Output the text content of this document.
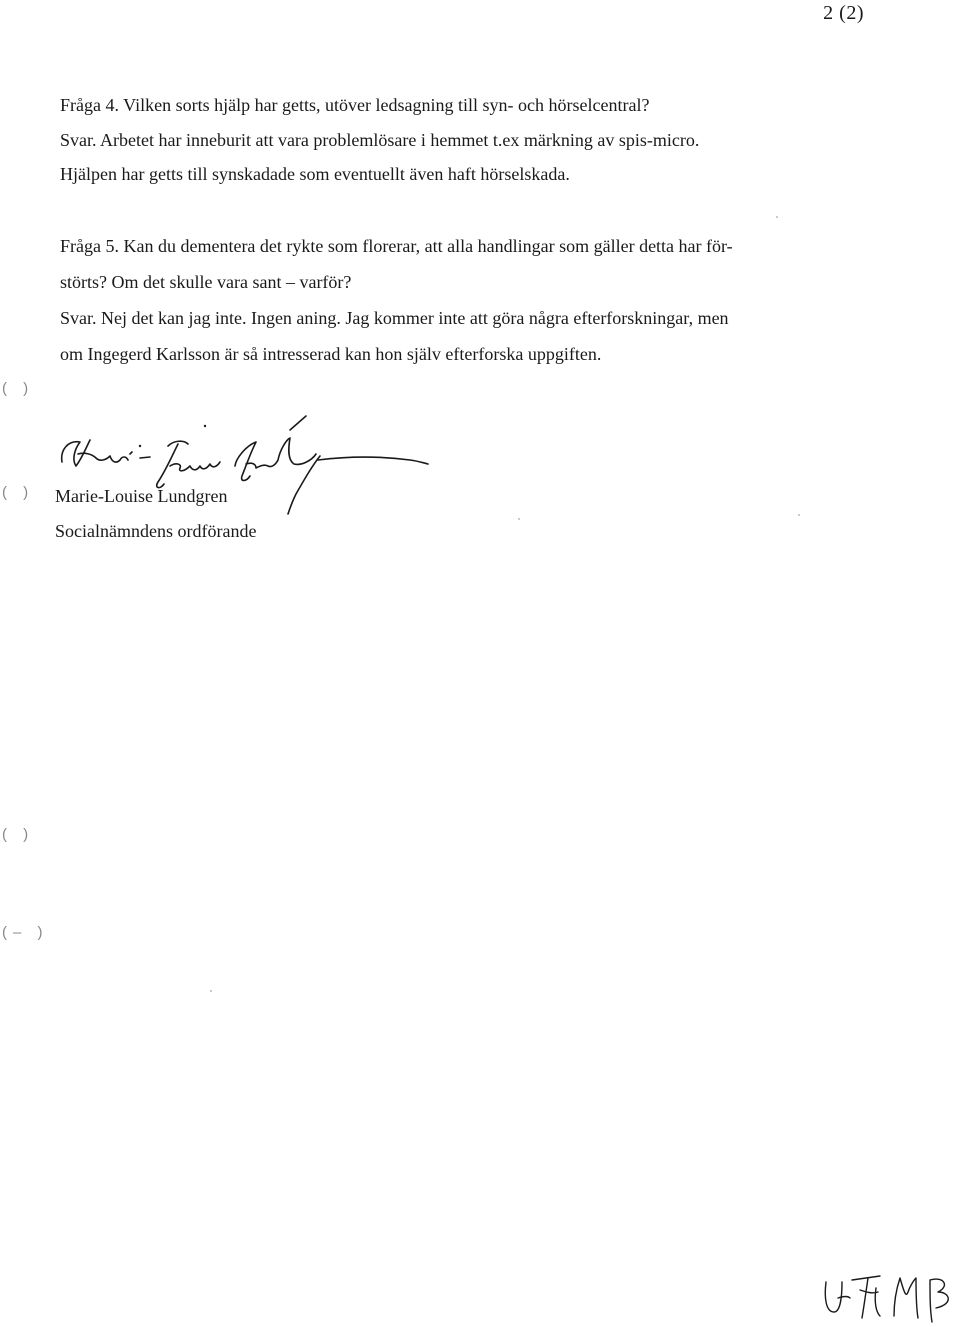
2 (2)
Fråga 4. Vilken sorts hjälp har getts, utöver ledsagning till syn- och hörselcentral?
Svar. Arbetet har inneburit att vara problemlösare i hemmet t.ex märkning av spis-micro.
Hjälpen har getts till synskadade som eventuellt även haft hörselskada.
Fråga 5. Kan du dementera det rykte som florerar, att alla handlingar som gäller detta har för-
störts? Om det skulle vara sant – varför?
Svar. Nej det kan jag inte. Ingen aning. Jag kommer inte att göra några efterforskningar, men
om Ingegerd Karlsson är så intresserad kan hon själv efterforska uppgiften.
( )
( )
( )
(– )
Marie-Louise Lundgren
Marie-Louise Lundgren
Socialnämndens ordförande
UJT MB
